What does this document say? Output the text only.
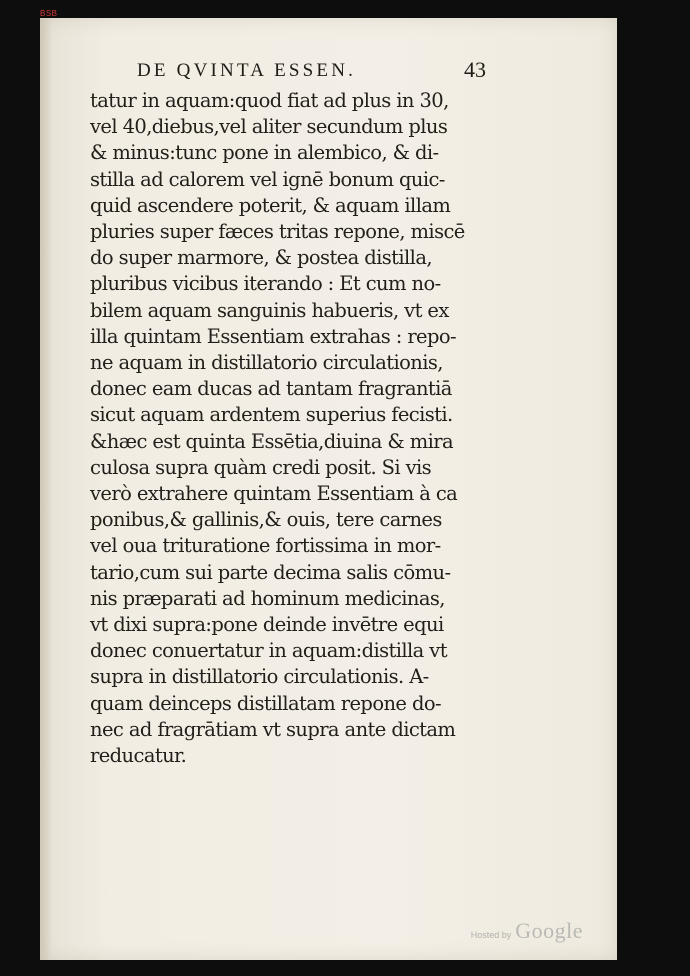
BSB
DE QVINTA ESSEN.	43
tatur in aquam:quod fiat ad plus in 30,
vel 40,diebus,vel aliter secundum plus
& minus:tunc pone in alembico, & di-
stilla ad calorem vel ignē bonum quic-
quid ascendere poterit, & aquam illam
pluries super fæces tritas repone, miscē
do super marmore, & postea distilla,
pluribus vicibus iterando : Et cum no-
bilem aquam sanguinis habueris, vt ex
illa quintam Essentiam extrahas : repo-
ne aquam in distillatorio circulationis,
donec eam ducas ad tantam fragrantiā
sicut aquam ardentem superius fecisti.
&hæc est quinta Essētia,diuina & mira
culosa supra quàm credi posit. Si vis
verò extrahere quintam Essentiam à ca
ponibus,& gallinis,& ouis, tere carnes
vel oua trituratione fortissima in mor-
tario,cum sui parte decima salis cōmu-
nis præparati ad hominum medicinas,
vt dixi supra:pone deinde invētre equi
donec conuertatur in aquam:distilla vt
supra in distillatorio circulationis. A-
quam deinceps distillatam repone do-
nec ad fragrātiam vt supra ante dictam
reducatur.
Hosted by Google
